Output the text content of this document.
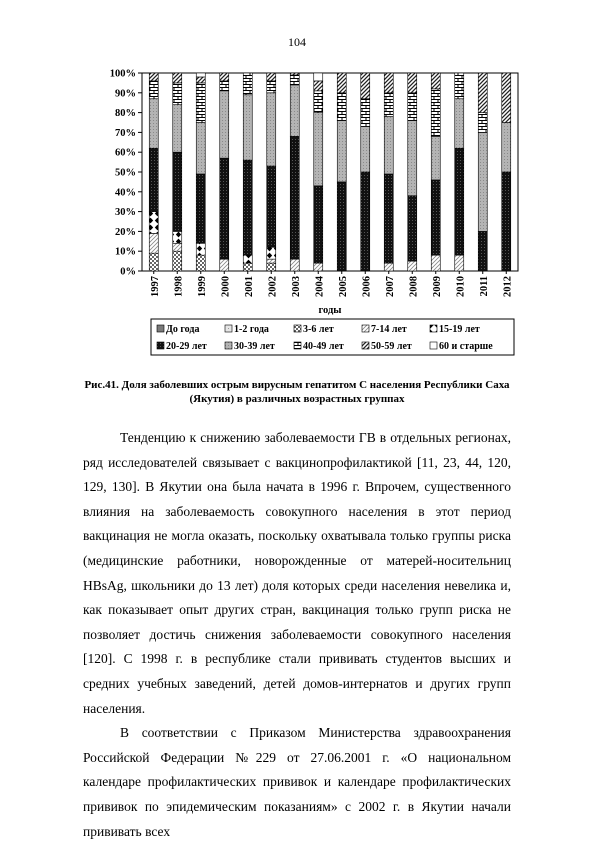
104
0%
10%
20%
30%
40%
50%
60%
70%
80%
90%
100%
1997 1998 1999 2000 2001 2002 2003 2004 2005 2006 2007 2008 2009 2010 2011 2012
годы
До года	1-2 года	3-6 лет	7-14 лет	15-19 лет
20-29 лет	30-39 лет	40-49 лет	50-59 лет	60 и старше
Рис.41. Доля заболевших острым вирусным гепатитом С населения Республики Саха
(Якутия) в различных возрастных группах

Тенденцию к снижению заболеваемости ГВ в отдельных регионах, ряд исследователей связывает с вакцинопрофилактикой [11, 23, 44, 120, 129, 130]. В Якутии она была начата в 1996 г. Впрочем, существенного влияния на заболеваемость совокупного населения в этот период вакцинация не могла оказать, поскольку охватывала только группы риска (медицинские работники, новорожденные от матерей-носительниц HBsAg, школьники до 13 лет) доля которых среди населения невелика и, как показывает опыт других стран, вакцинация только групп риска не позволяет достичь снижения заболеваемости совокупного населения [120]. С 1998 г. в республике стали прививать студентов высших и средних учебных заведений, детей домов-интернатов и других групп населения.

В соответствии с Приказом Министерства здравоохранения Российской Федерации №229 от 27.06.2001 г. «О национальном календаре профилактических прививок и календаре профилактических прививок по эпидемическим показаниям» с 2002 г. в Якутии начали прививать всех
